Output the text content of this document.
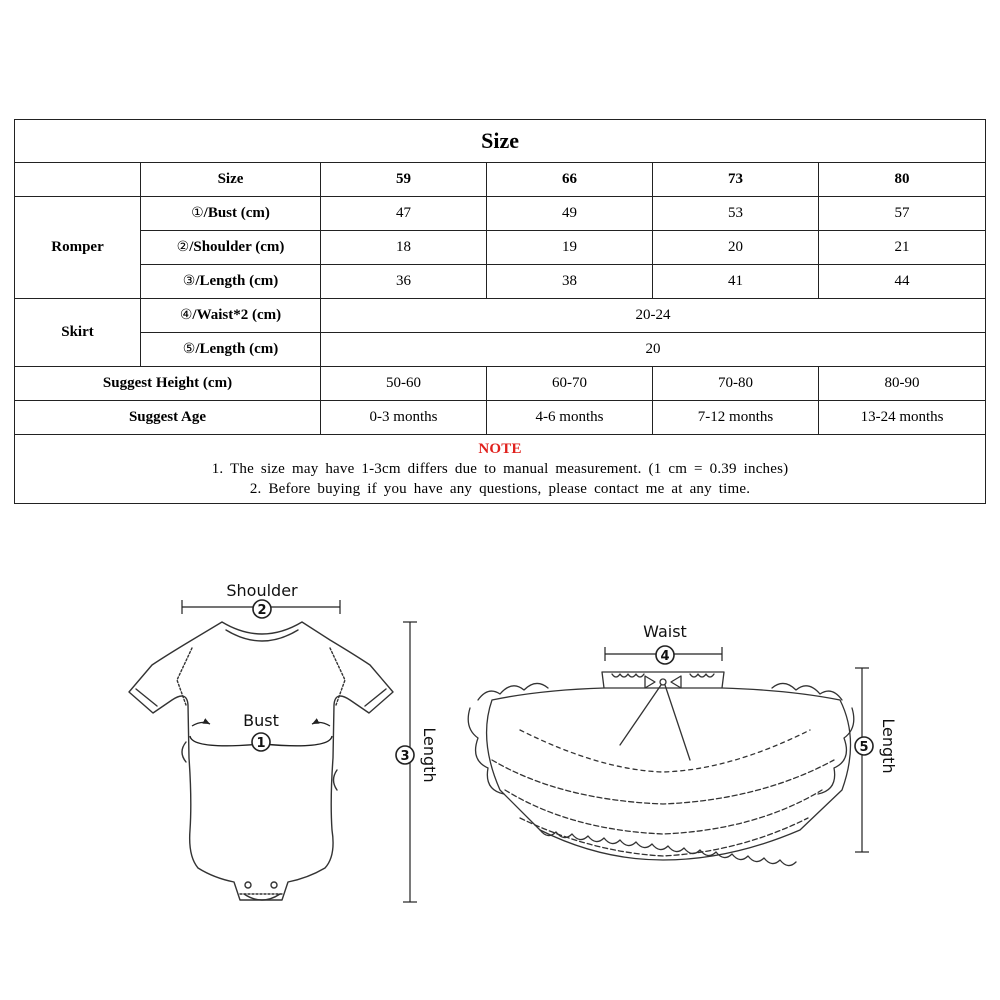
Size					
	Size	59	66	73	80
Romper	①/Bust (cm)	47	49	53	57
	②/Shoulder (cm)	18	19	20	21
	③/Length (cm)	36	38	41	44
Skirt	④/Waist*2 (cm)	20-24			
	⑤/Length (cm)	20			
Suggest Height (cm)		50-60	60-70	70-80	80-90
Suggest Age		0-3 months	4-6 months	7-12 months	13-24 months

NOTE
1. The size may have 1-3cm differs due to manual measurement. (1 cm = 0.39 inches)
2. Before buying if you have any questions, please contact me at any time.					
2
Shoulder
1
Bust
3 Length
4
Waist
5 Length
